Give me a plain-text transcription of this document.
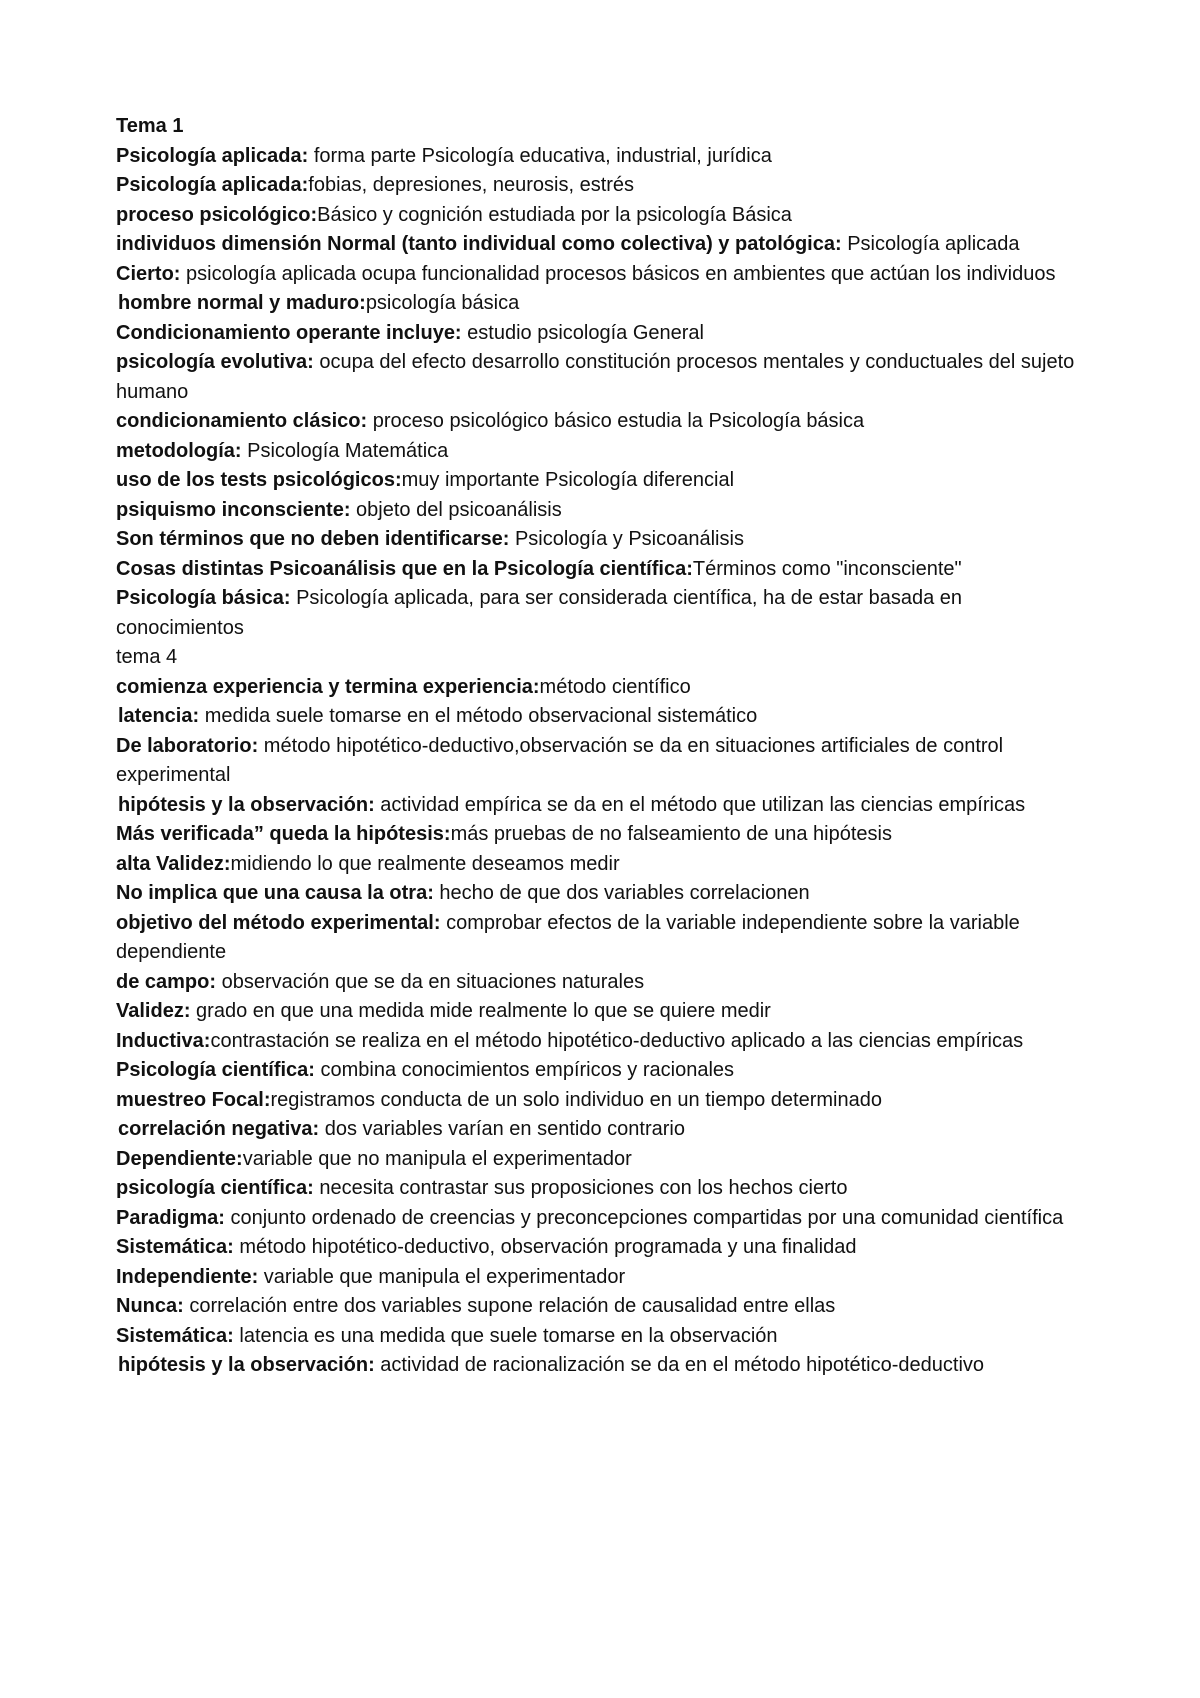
Tema 1

Psicología aplicada: forma parte Psicología educativa, industrial, jurídica

Psicología aplicada:fobias, depresiones, neurosis, estrés

proceso psicológico:Básico y cognición estudiada por la psicología Básica

individuos dimensión Normal (tanto individual como colectiva) y patológica: Psicología aplicada

Cierto: psicología aplicada ocupa funcionalidad procesos básicos en ambientes que actúan los individuos

hombre normal y maduro:psicología básica

Condicionamiento operante incluye: estudio psicología General

psicología evolutiva: ocupa del efecto desarrollo constitución procesos mentales y conductuales del sujeto humano

condicionamiento clásico: proceso psicológico básico estudia la Psicología básica

metodología: Psicología Matemática

uso de los tests psicológicos:muy importante Psicología diferencial

psiquismo inconsciente: objeto del psicoanálisis

Son términos que no deben identificarse: Psicología y Psicoanálisis

Cosas distintas Psicoanálisis que en la Psicología científica:Términos como "inconsciente"

Psicología básica: Psicología aplicada, para ser considerada científica, ha de estar basada en conocimientos

tema 4

comienza experiencia y termina experiencia:método científico

latencia: medida suele tomarse en el método observacional sistemático

De laboratorio: método hipotético-deductivo,observación se da en situaciones artificiales de control experimental

hipótesis y la observación: actividad empírica se da en el método que utilizan las ciencias empíricas

Más verificada” queda la hipótesis:más pruebas de no falseamiento de una hipótesis

alta Validez:midiendo lo que realmente deseamos medir

No implica que una causa la otra: hecho de que dos variables correlacionen

objetivo del método experimental: comprobar efectos de la variable independiente sobre la variable dependiente

de campo: observación que se da en situaciones naturales

Validez: grado en que una medida mide realmente lo que se quiere medir

Inductiva:contrastación se realiza en el método hipotético-deductivo aplicado a las ciencias empíricas

Psicología científica: combina conocimientos empíricos y racionales

muestreo Focal:registramos conducta de un solo individuo en un tiempo determinado

correlación negativa: dos variables varían en sentido contrario

Dependiente:variable que no manipula el experimentador

psicología científica: necesita contrastar sus proposiciones con los hechos cierto

Paradigma: conjunto ordenado de creencias y preconcepciones compartidas por una comunidad científica

Sistemática: método hipotético-deductivo, observación programada y una finalidad

Independiente: variable que manipula el experimentador

Nunca: correlación entre dos variables supone relación de causalidad entre ellas

Sistemática: latencia es una medida que suele tomarse en la observación

hipótesis y la observación: actividad de racionalización se da en el método hipotético-deductivo
